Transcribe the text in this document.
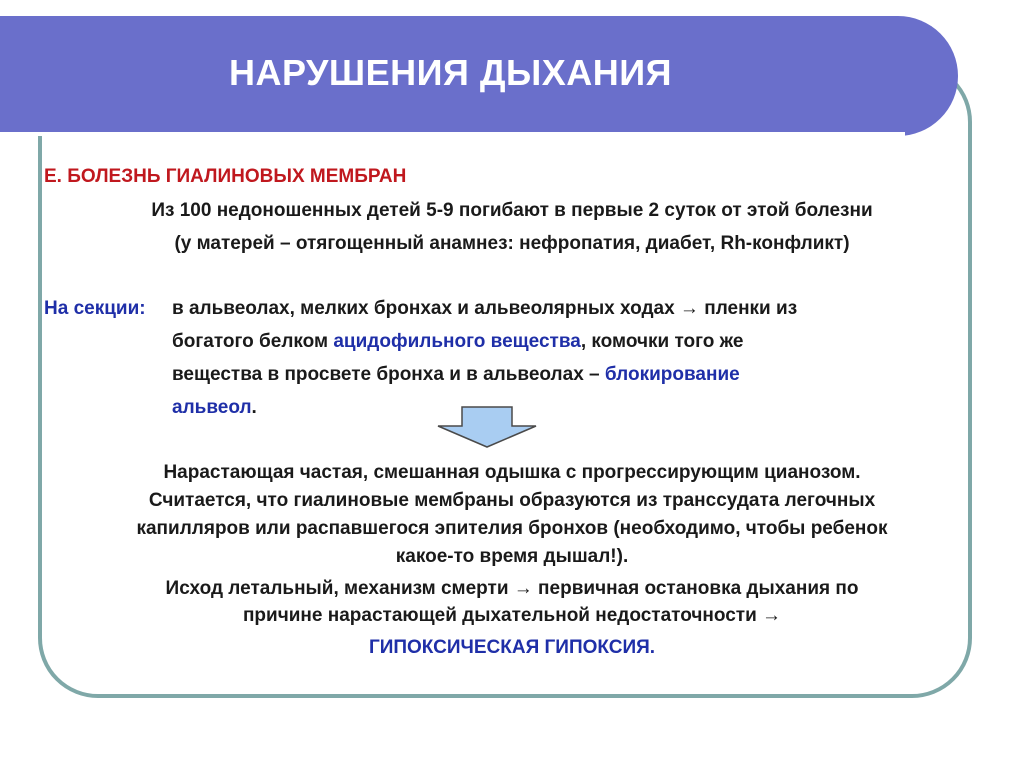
НАРУШЕНИЯ ДЫХАНИЯ
Е. БОЛЕЗНЬ ГИАЛИНОВЫХ МЕМБРАН
Из 100 недоношенных детей 5-9 погибают в первые 2 суток от этой болезни
(у матерей – отягощенный анамнез: нефропатия, диабет, Rh-конфликт)
На секции: в альвеолах, мелких бронхах и альвеолярных ходах → пленки из
богатого белком ацидофильного вещества, комочки того же
вещества в просвете бронха и в альвеолах – блокирование
альвеол.
Нарастающая частая, смешанная одышка с прогрессирующим цианозом.
Считается, что гиалиновые мембраны образуются из транссудата легочных
капилляров или распавшегося эпителия бронхов (необходимо, чтобы ребенок
какое-то время дышал!).
Исход летальный, механизм смерти → первичная остановка дыхания по
причине нарастающей дыхательной недостаточности →
ГИПОКСИЧЕСКАЯ ГИПОКСИЯ.
